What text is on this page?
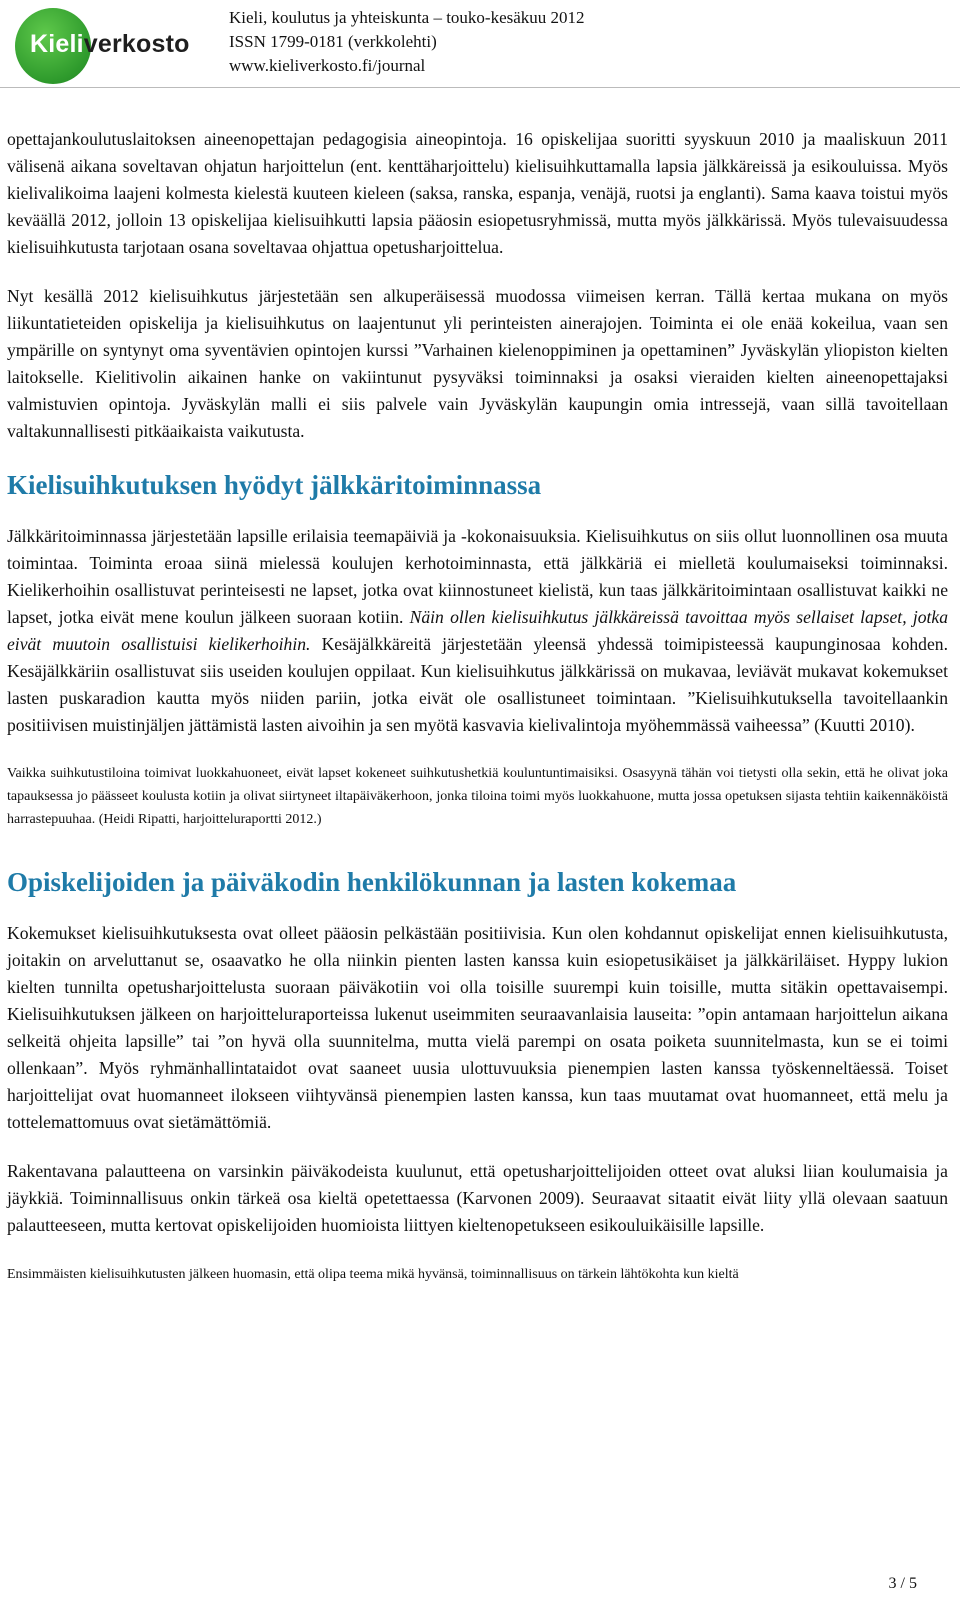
Kieliverkosto
Kieli, koulutus ja yhteiskunta – touko-kesäkuu 2012
ISSN 1799-0181 (verkkolehti)
www.kieliverkosto.fi/journal

opettajankoulutuslaitoksen aineenopettajan pedagogisia aineopintoja. 16 opiskelijaa suoritti syyskuun 2010 ja maaliskuun 2011 välisenä aikana soveltavan ohjatun harjoittelun (ent. kenttäharjoittelu) kielisuihkuttamalla lapsia jälkkäreissä ja esikouluissa. Myös kielivalikoima laajeni kolmesta kielestä kuuteen kieleen (saksa, ranska, espanja, venäjä, ruotsi ja englanti). Sama kaava toistui myös keväällä 2012, jolloin 13 opiskelijaa kielisuihkutti lapsia pääosin esiopetusryhmissä, mutta myös jälkkärissä. Myös tulevaisuudessa kielisuihkutusta tarjotaan osana soveltavaa ohjattua opetusharjoittelua.

Nyt kesällä 2012 kielisuihkutus järjestetään sen alkuperäisessä muodossa viimeisen kerran. Tällä kertaa mukana on myös liikuntatieteiden opiskelija ja kielisuihkutus on laajentunut yli perinteisten ainerajojen. Toiminta ei ole enää kokeilua, vaan sen ympärille on syntynyt oma syventävien opintojen kurssi ”Varhainen kielenoppiminen ja opettaminen” Jyväskylän yliopiston kielten laitokselle. Kielitivolin aikainen hanke on vakiintunut pysyväksi toiminnaksi ja osaksi vieraiden kielten aineenopettajaksi valmistuvien opintoja. Jyväskylän malli ei siis palvele vain Jyväskylän kaupungin omia intressejä, vaan sillä tavoitellaan valtakunnallisesti pitkäaikaista vaikutusta.

Kielisuihkutuksen hyödyt jälkkäritoiminnassa

Jälkkäritoiminnassa järjestetään lapsille erilaisia teemapäiviä ja -kokonaisuuksia. Kielisuihkutus on siis ollut luonnollinen osa muuta toimintaa. Toiminta eroaa siinä mielessä koulujen kerhotoiminnasta, että jälkkäriä ei mielletä koulumaiseksi toiminnaksi. Kielikerhoihin osallistuvat perinteisesti ne lapset, jotka ovat kiinnostuneet kielistä, kun taas jälkkäritoimintaan osallistuvat kaikki ne lapset, jotka eivät mene koulun jälkeen suoraan kotiin. Näin ollen kielisuihkutus jälkkäreissä tavoittaa myös sellaiset lapset, jotka eivät muutoin osallistuisi kielikerhoihin. Kesäjälkkäreitä järjestetään yleensä yhdessä toimipisteessä kaupunginosaa kohden. Kesäjälkkäriin osallistuvat siis useiden koulujen oppilaat. Kun kielisuihkutus jälkkärissä on mukavaa, leviävät mukavat kokemukset lasten puskaradion kautta myös niiden pariin, jotka eivät ole osallistuneet toimintaan. ”Kielisuihkutuksella tavoitellaankin positiivisen muistinjäljen jättämistä lasten aivoihin ja sen myötä kasvavia kielivalintoja myöhemmässä vaiheessa” (Kuutti 2010).

Vaikka suihkutustiloina toimivat luokkahuoneet, eivät lapset kokeneet suihkutushetkiä kouluntuntimaisiksi. Osasyynä tähän voi tietysti olla sekin, että he olivat joka tapauksessa jo päässeet koulusta kotiin ja olivat siirtyneet iltapäiväkerhoon, jonka tiloina toimi myös luokkahuone, mutta jossa opetuksen sijasta tehtiin kaikennäköistä harrastepuuhaa. (Heidi Ripatti, harjoitteluraportti 2012.)

Opiskelijoiden ja päiväkodin henkilökunnan ja lasten kokemaa

Kokemukset kielisuihkutuksesta ovat olleet pääosin pelkästään positiivisia. Kun olen kohdannut opiskelijat ennen kielisuihkutusta, joitakin on arveluttanut se, osaavatko he olla niinkin pienten lasten kanssa kuin esiopetusikäiset ja jälkkäriläiset. Hyppy lukion kielten tunnilta opetusharjoittelusta suoraan päiväkotiin voi olla toisille suurempi kuin toisille, mutta sitäkin opettavaisempi. Kielisuihkutuksen jälkeen on harjoitteluraporteissa lukenut useimmiten seuraavanlaisia lauseita: ”opin antamaan harjoittelun aikana selkeitä ohjeita lapsille” tai ”on hyvä olla suunnitelma, mutta vielä parempi on osata poiketa suunnitelmasta, kun se ei toimi ollenkaan”. Myös ryhmänhallintataidot ovat saaneet uusia ulottuvuuksia pienempien lasten kanssa työskenneltäessä. Toiset harjoittelijat ovat huomanneet ilokseen viihtyvänsä pienempien lasten kanssa, kun taas muutamat ovat huomanneet, että melu ja tottelemattomuus ovat sietämättömiä.

Rakentavana palautteena on varsinkin päiväkodeista kuulunut, että opetusharjoittelijoiden otteet ovat aluksi liian koulumaisia ja jäykkiä. Toiminnallisuus onkin tärkeä osa kieltä opetettaessa (Karvonen 2009). Seuraavat sitaatit eivät liity yllä olevaan saatuun palautteeseen, mutta kertovat opiskelijoiden huomioista liittyen kieltenopetukseen esikouluikäisille lapsille.

Ensimmäisten kielisuihkutusten jälkeen huomasin, että olipa teema mikä hyvänsä, toiminnallisuus on tärkein lähtökohta kun kieltä

3 / 5
